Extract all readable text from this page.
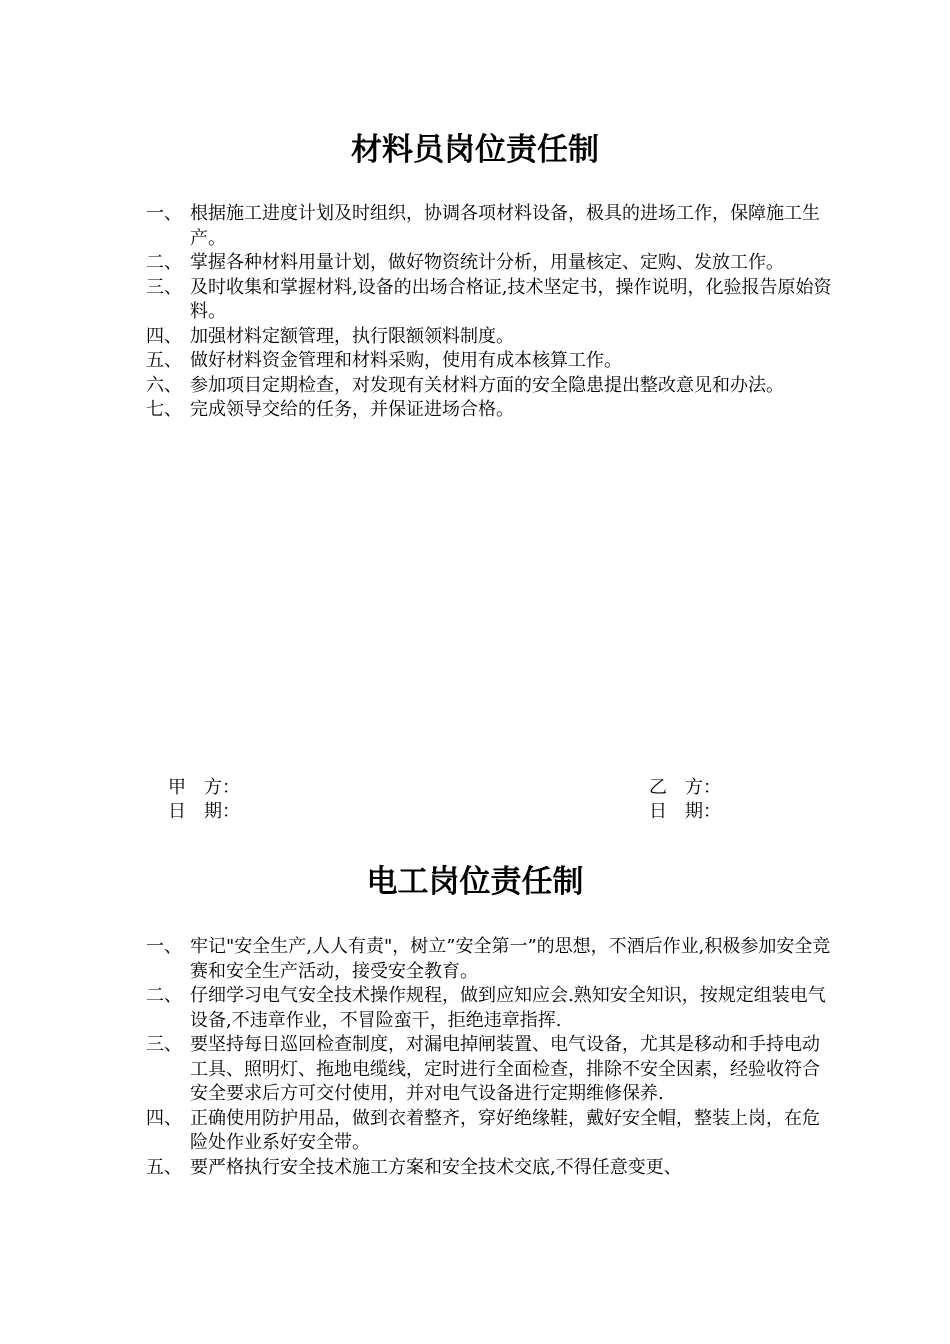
材料员岗位责任制
一、 根据施工进度计划及时组织，协调各项材料设备，极具的进场工作，保障施工生产。
二、 掌握各种材料用量计划，做好物资统计分析，用量核定、定购、发放工作。
三、 及时收集和掌握材料,设备的出场合格证,技术坚定书，操作说明，化验报告原始资料。
四、 加强材料定额管理，执行限额领料制度。
五、 做好材料资金管理和材料采购，使用有成本核算工作。
六、 参加项目定期检查，对发现有关材料方面的安全隐患提出整改意见和办法。
七、 完成领导交给的任务，并保证进场合格。

甲　方：

日　期：

乙　方：

日　期：

电工岗位责任制
一、 牢记"安全生产,人人有责"，树立”安全第一”的思想，不酒后作业,积极参加安全竞赛和安全生产活动，接受安全教育。
二、 仔细学习电气安全技术操作规程，做到应知应会.熟知安全知识，按规定组装电气设备,不违章作业，不冒险蛮干，拒绝违章指挥.
三、 要坚持每日巡回检查制度，对漏电掉闸装置、电气设备，尤其是移动和手持电动工具、照明灯、拖地电缆线，定时进行全面检查，排除不安全因素，经验收符合安全要求后方可交付使用，并对电气设备进行定期维修保养.
四、 正确使用防护用品，做到衣着整齐，穿好绝缘鞋，戴好安全帽，整装上岗，在危险处作业系好安全带。
五、 要严格执行安全技术施工方案和安全技术交底,不得任意变更、
